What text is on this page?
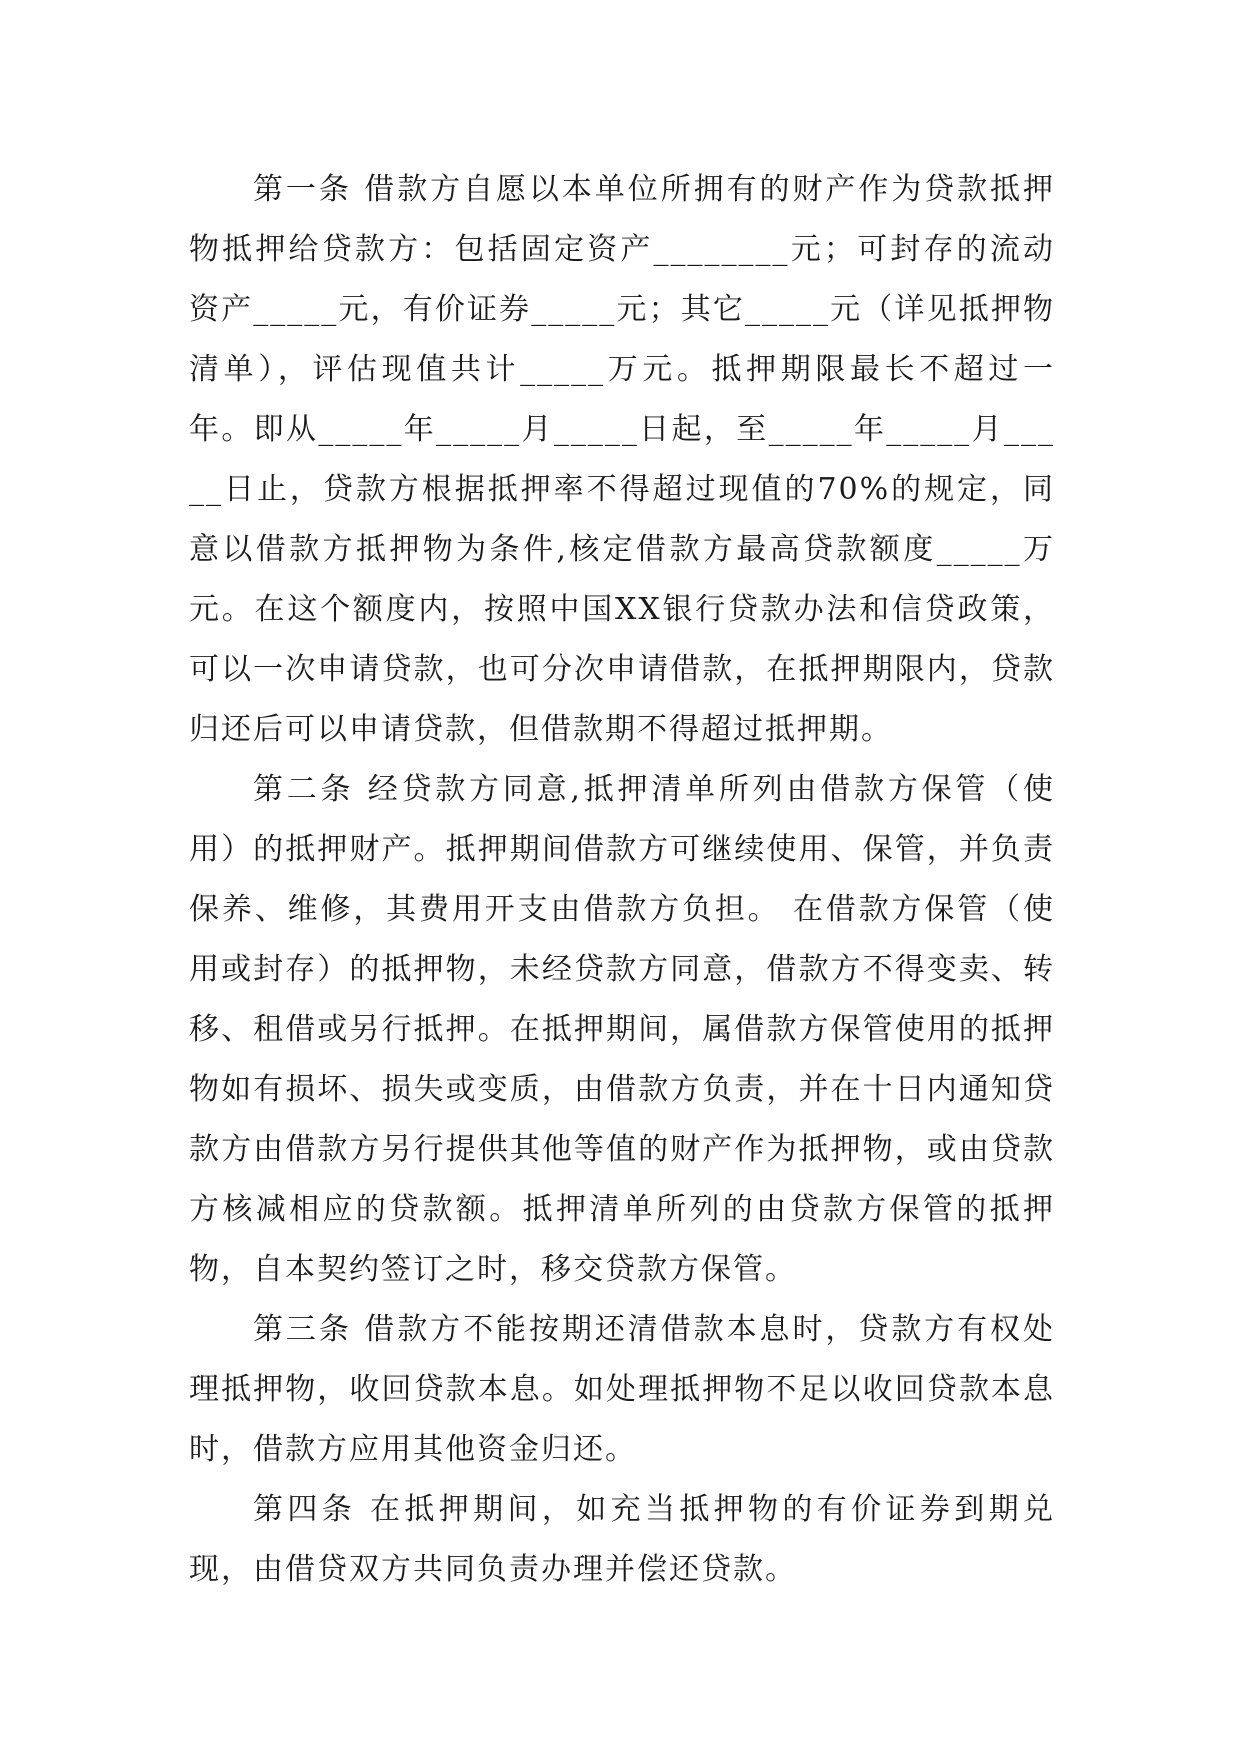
第一条 借款方自愿以本单位所拥有的财产作为贷款抵押物抵押给贷款方：包括固定资产________元；可封存的流动资产_____元，有价证券_____元；其它_____元（详见抵押物清单），评估现值共计_____万元。抵押期限最长不超过一年。即从_____年_____月_____日起，至_____年_____月_____日止，贷款方根据抵押率不得超过现值的70%的规定，同意以借款方抵押物为条件,核定借款方最高贷款额度_____万元。在这个额度内，按照中国XX银行贷款办法和信贷政策，可以一次申请贷款，也可分次申请借款，在抵押期限内，贷款归还后可以申请贷款，但借款期不得超过抵押期。

第二条 经贷款方同意,抵押清单所列由借款方保管（使用）的抵押财产。抵押期间借款方可继续使用、保管，并负责保养、维修，其费用开支由借款方负担。 在借款方保管（使用或封存）的抵押物，未经贷款方同意，借款方不得变卖、转移、租借或另行抵押。在抵押期间，属借款方保管使用的抵押物如有损坏、损失或变质，由借款方负责，并在十日内通知贷款方由借款方另行提供其他等值的财产作为抵押物，或由贷款方核减相应的贷款额。抵押清单所列的由贷款方保管的抵押物，自本契约签订之时，移交贷款方保管。

第三条 借款方不能按期还清借款本息时，贷款方有权处理抵押物，收回贷款本息。如处理抵押物不足以收回贷款本息时，借款方应用其他资金归还。

第四条 在抵押期间，如充当抵押物的有价证券到期兑现，由借贷双方共同负责办理并偿还贷款。
